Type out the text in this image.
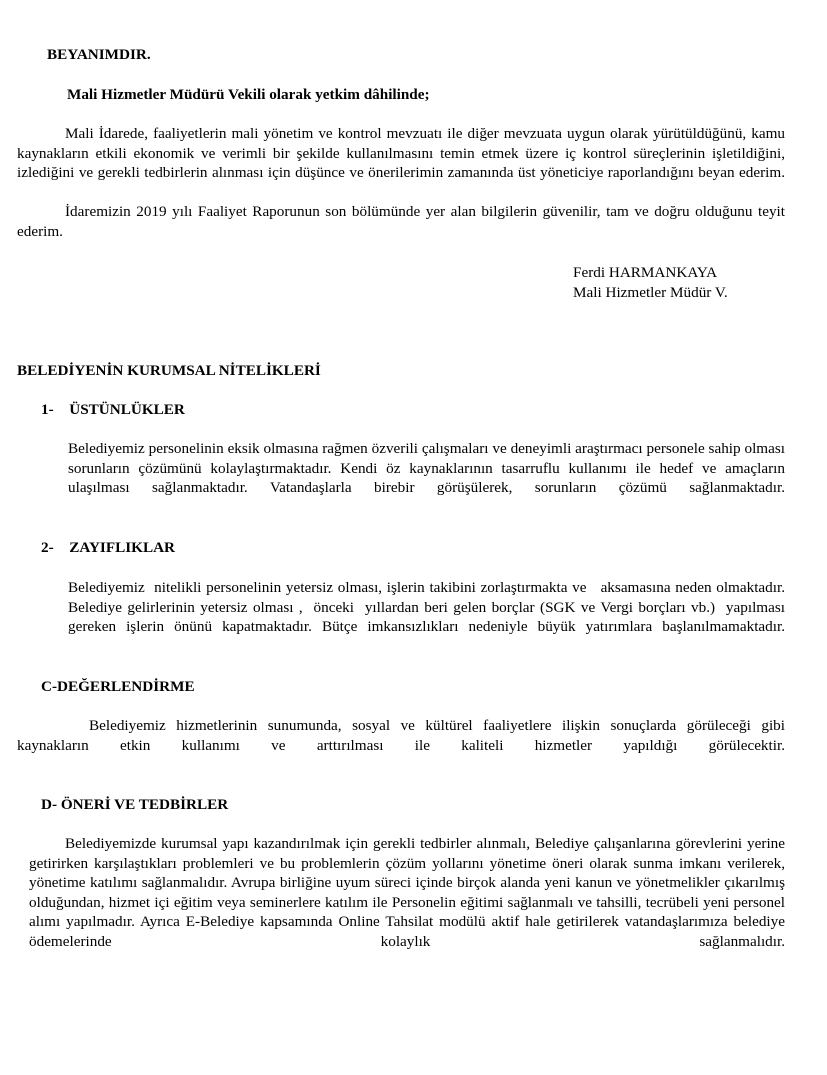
BEYANIMDIR.
Mali Hizmetler Müdürü Vekili olarak yetkim dâhilinde;
Mali İdarede, faaliyetlerin mali yönetim ve kontrol mevzuatı ile diğer mevzuata uygun olarak yürütüldüğünü, kamu kaynakların etkili ekonomik ve verimli bir şekilde kullanılmasını temin etmek üzere iç kontrol süreçlerinin işletildiğini, izlediğini ve gerekli tedbirlerin alınması için düşünce ve önerilerimin zamanında üst yöneticiye raporlandığını beyan ederim.
İdaremizin 2019 yılı Faaliyet Raporunun son bölümünde yer alan bilgilerin güvenilir, tam ve doğru olduğunu teyit ederim.
Ferdi HARMANKAYA
Mali Hizmetler Müdür V.
BELEDİYENİN KURUMSAL NİTELİKLERİ
1- ÜSTÜNLÜKLER
Belediyemiz personelinin eksik olmasına rağmen özverili çalışmaları ve deneyimli araştırmacı personele sahip olması sorunların çözümünü kolaylaştırmaktadır. Kendi öz kaynaklarının tasarruflu kullanımı ile hedef ve amaçların ulaşılması sağlanmaktadır. Vatandaşlarla birebir görüşülerek, sorunların çözümü sağlanmaktadır.
2- ZAYIFLIKLAR
Belediyemiz  nitelikli personelinin yetersiz olması, işlerin takibini zorlaştırmakta ve   aksamasına neden olmaktadır. Belediye gelirlerinin yetersiz olması ,  önceki  yıllardan beri gelen borçlar (SGK ve Vergi borçları vb.)  yapılması gereken işlerin önünü kapatmaktadır. Bütçe imkansızlıkları nedeniyle büyük yatırımlara başlanılmamaktadır.
C-DEĞERLENDİRME
Belediyemiz hizmetlerinin sunumunda, sosyal ve kültürel faaliyetlere ilişkin sonuçlarda görüleceği gibi kaynakların etkin kullanımı ve arttırılması ile kaliteli hizmetler yapıldığı görülecektir.
D- ÖNERİ VE TEDBİRLER
Belediyemizde kurumsal yapı kazandırılmak için gerekli tedbirler alınmalı, Belediye çalışanlarına görevlerini yerine getirirken karşılaştıkları problemleri ve bu problemlerin çözüm yollarını yönetime öneri olarak sunma imkanı verilerek, yönetime katılımı sağlanmalıdır. Avrupa birliğine uyum süreci içinde birçok alanda yeni kanun ve yönetmelikler çıkarılmış olduğundan, hizmet içi eğitim veya seminerlere katılım ile Personelin eğitimi sağlanmalı ve tahsilli, tecrübeli yeni personel alımı yapılmadır. Ayrıca E-Belediye kapsamında Online Tahsilat modülü aktif hale getirilerek vatandaşlarımıza belediye ödemelerinde kolaylık sağlanmalıdır.
